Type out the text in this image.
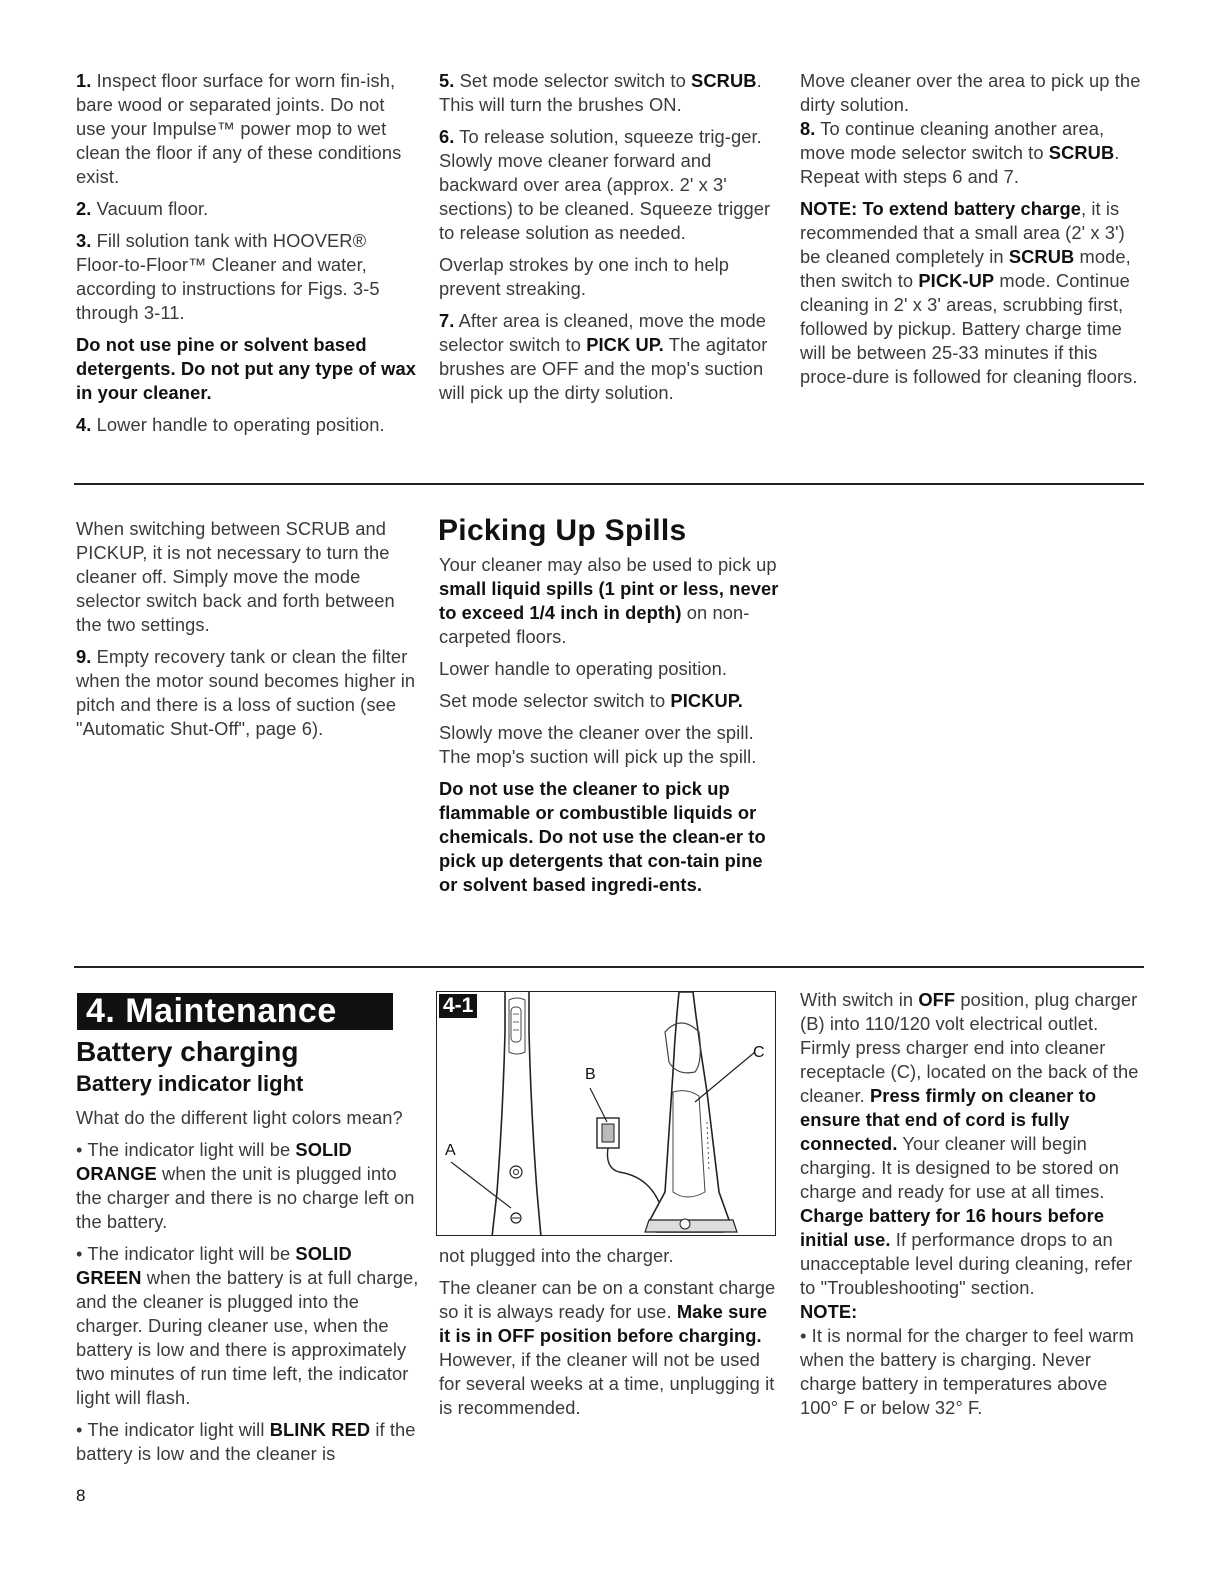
1. Inspect floor surface for worn fin-ish, bare wood or separated joints. Do not use your Impulse™ power mop to wet clean the floor if any of these conditions exist.

2. Vacuum floor.

3. Fill solution tank with HOOVER® Floor-to-Floor™ Cleaner and water, according to instructions for Figs. 3-5 through 3-11.

Do not use pine or solvent based detergents. Do not put any type of wax in your cleaner.

4. Lower handle to operating position.

5. Set mode selector switch to SCRUB. This will turn the brushes ON.

6. To release solution, squeeze trig-ger. Slowly move cleaner forward and backward over area (approx. 2' x 3' sections) to be cleaned. Squeeze trigger to release solution as needed.

Overlap strokes by one inch to help prevent streaking.

7. After area is cleaned, move the mode selector switch to PICK UP. The agitator brushes are OFF and the mop's suction will pick up the dirty solution.

Move cleaner over the area to pick up the dirty solution.

8. To continue cleaning another area, move mode selector switch to SCRUB. Repeat with steps 6 and 7.

NOTE: To extend battery charge, it is recommended that a small area (2' x 3') be cleaned completely in SCRUB mode, then switch to PICK-UP mode. Continue cleaning in 2' x 3' areas, scrubbing first, followed by pickup. Battery charge time will be between 25-33 minutes if this proce-dure is followed for cleaning floors.

When switching between SCRUB and PICKUP, it is not necessary to turn the cleaner off. Simply move the mode selector switch back and forth between the two settings.

9. Empty recovery tank or clean the filter when the motor sound becomes higher in pitch and there is a loss of suction (see "Automatic Shut-Off", page 6).

Picking Up Spills

Your cleaner may also be used to pick up small liquid spills (1 pint or less, never to exceed 1/4 inch in depth) on non-carpeted floors.

Lower handle to operating position.

Set mode selector switch to PICKUP.

Slowly move the cleaner over the spill. The mop's suction will pick up the spill.

Do not use the cleaner to pick up flammable or combustible liquids or chemicals. Do not use the clean-er to pick up detergents that con-tain pine or solvent based ingredi-ents.

4. Maintenance
Battery charging
Battery indicator light

What do the different light colors mean?

• The indicator light will be SOLID ORANGE when the unit is plugged into the charger and there is no charge left on the battery.

• The indicator light will be SOLID GREEN when the battery is at full charge, and the cleaner is plugged into the charger. During cleaner use, when the battery is low and there is approximately two minutes of run time left, the indicator light will flash.

• The indicator light will BLINK RED if the battery is low and the cleaner is

8
4-1
A
B
C

not plugged into the charger.

The cleaner can be on a constant charge so it is always ready for use. Make sure it is in OFF position before charging. However, if the cleaner will not be used for several weeks at a time, unplugging it is recommended.

With switch in OFF position, plug charger (B) into 110/120 volt electrical outlet.

Firmly press charger end into cleaner receptacle (C), located on the back of the cleaner. Press firmly on cleaner to ensure that end of cord is fully connected. Your cleaner will begin charging. It is designed to be stored on charge and ready for use at all times.

Charge battery for 16 hours before initial use. If performance drops to an unacceptable level during cleaning, refer to "Troubleshooting" section.

NOTE:

• It is normal for the charger to feel warm when the battery is charging. Never charge battery in temperatures above 100° F or below 32° F.
